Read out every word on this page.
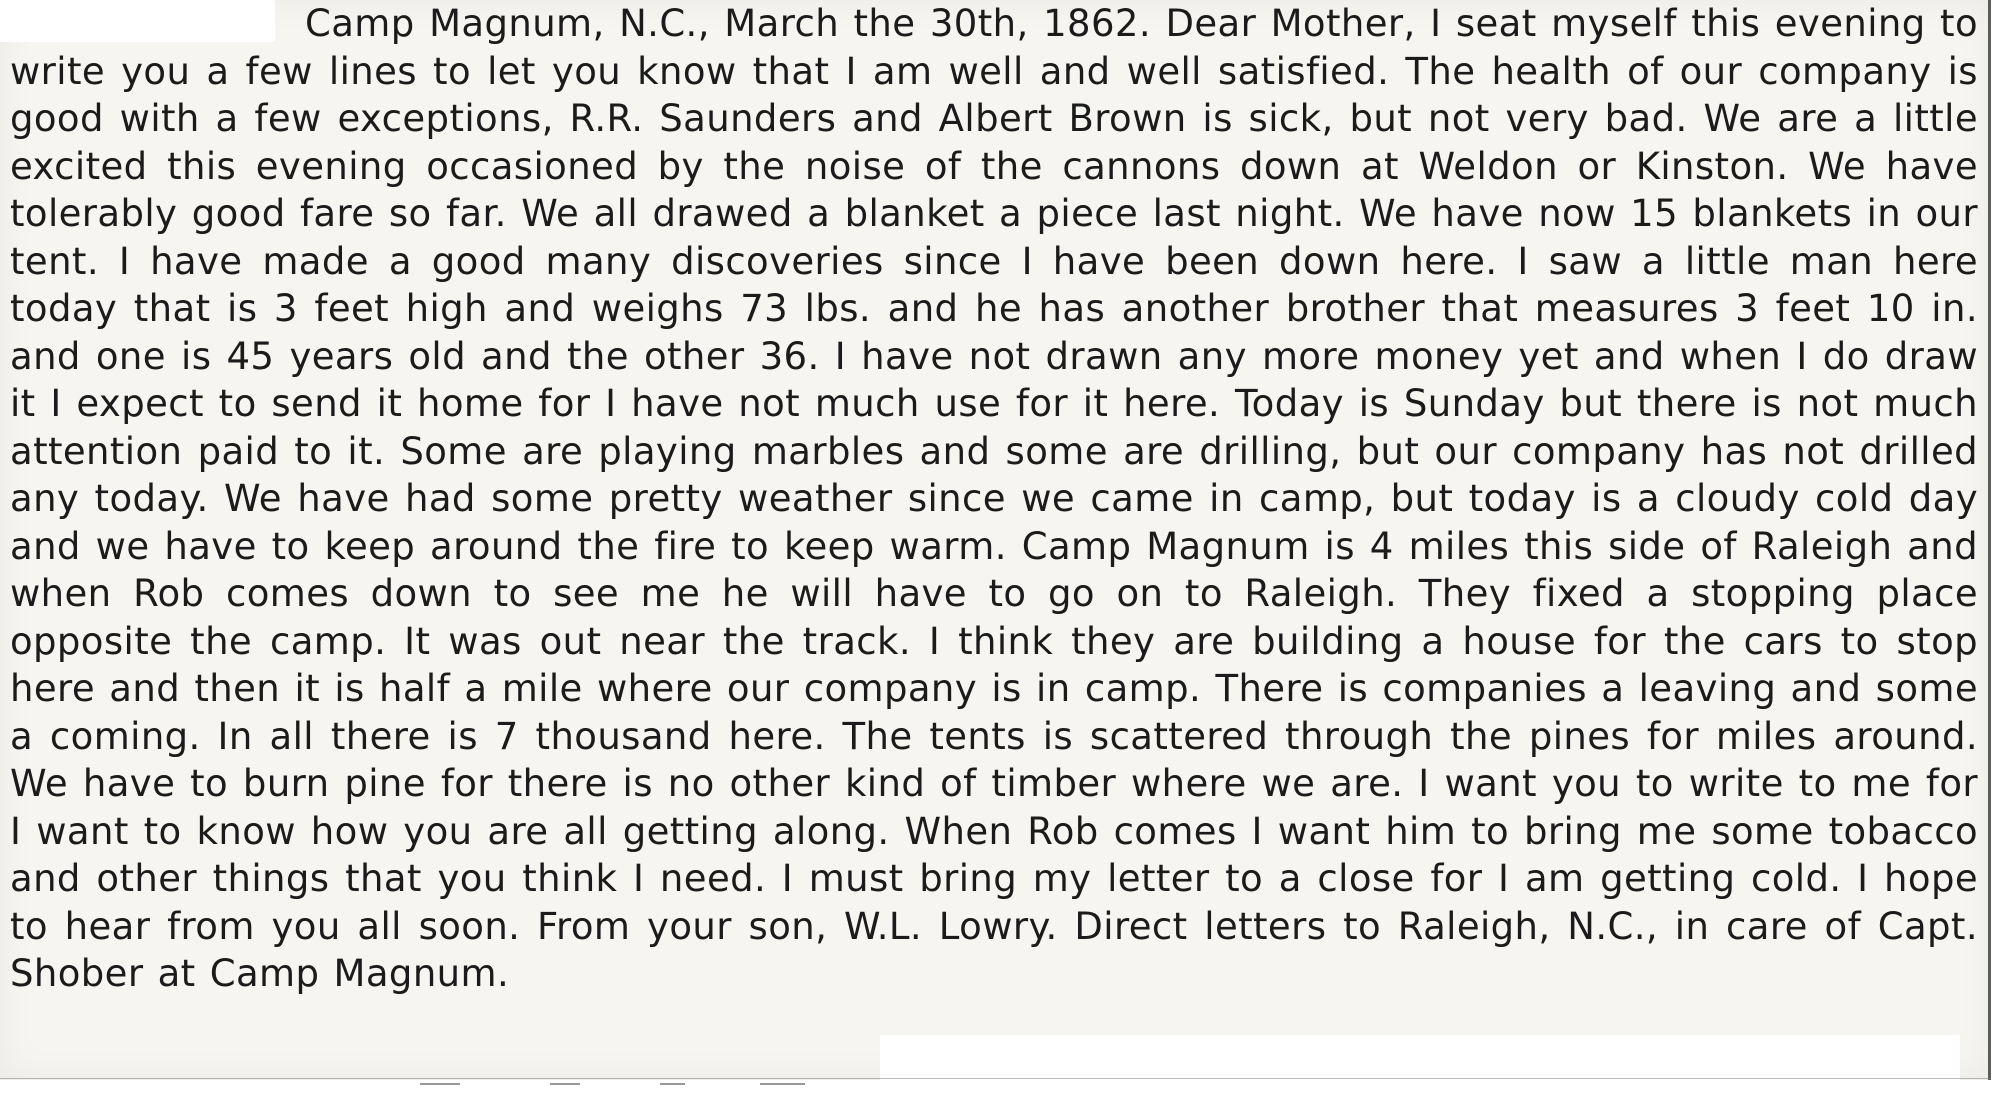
Camp Magnum, N.C., March the 30th, 1862. Dear Mother, I seat myself this evening to write you a few lines to let you know that I am well and well satisfied. The health of our company is good with a few exceptions, R.R. Saunders and Albert Brown is sick, but not very bad. We are a little excited this evening occasioned by the noise of the cannons down at Weldon or Kinston. We have tolerably good fare so far. We all drawed a blanket a piece last night. We have now 15 blankets in our tent. I have made a good many discoveries since I have been down here. I saw a little man here today that is 3 feet high and weighs 73 lbs. and he has another brother that measures 3 feet 10 in. and one is 45 years old and the other 36. I have not drawn any more money yet and when I do draw it I expect to send it home for I have not much use for it here. Today is Sunday but there is not much attention paid to it. Some are playing marbles and some are drilling, but our company has not drilled any today. We have had some pretty weather since we came in camp, but today is a cloudy cold day and we have to keep around the fire to keep warm. Camp Magnum is 4 miles this side of Raleigh and when Rob comes down to see me he will have to go on to Raleigh. They fixed a stopping place opposite the camp. It was out near the track. I think they are building a house for the cars to stop here and then it is half a mile where our company is in camp. There is companies a leaving and some a coming. In all there is 7 thousand here. The tents is scattered through the pines for miles around. We have to burn pine for there is no other kind of timber where we are. I want you to write to me for I want to know how you are all getting along. When Rob comes I want him to bring me some tobacco and other things that you think I need. I must bring my letter to a close for I am getting cold. I hope to hear from you all soon. From your son, W.L. Lowry. Direct letters to Raleigh, N.C., in care of Capt. Shober at Camp Magnum.
